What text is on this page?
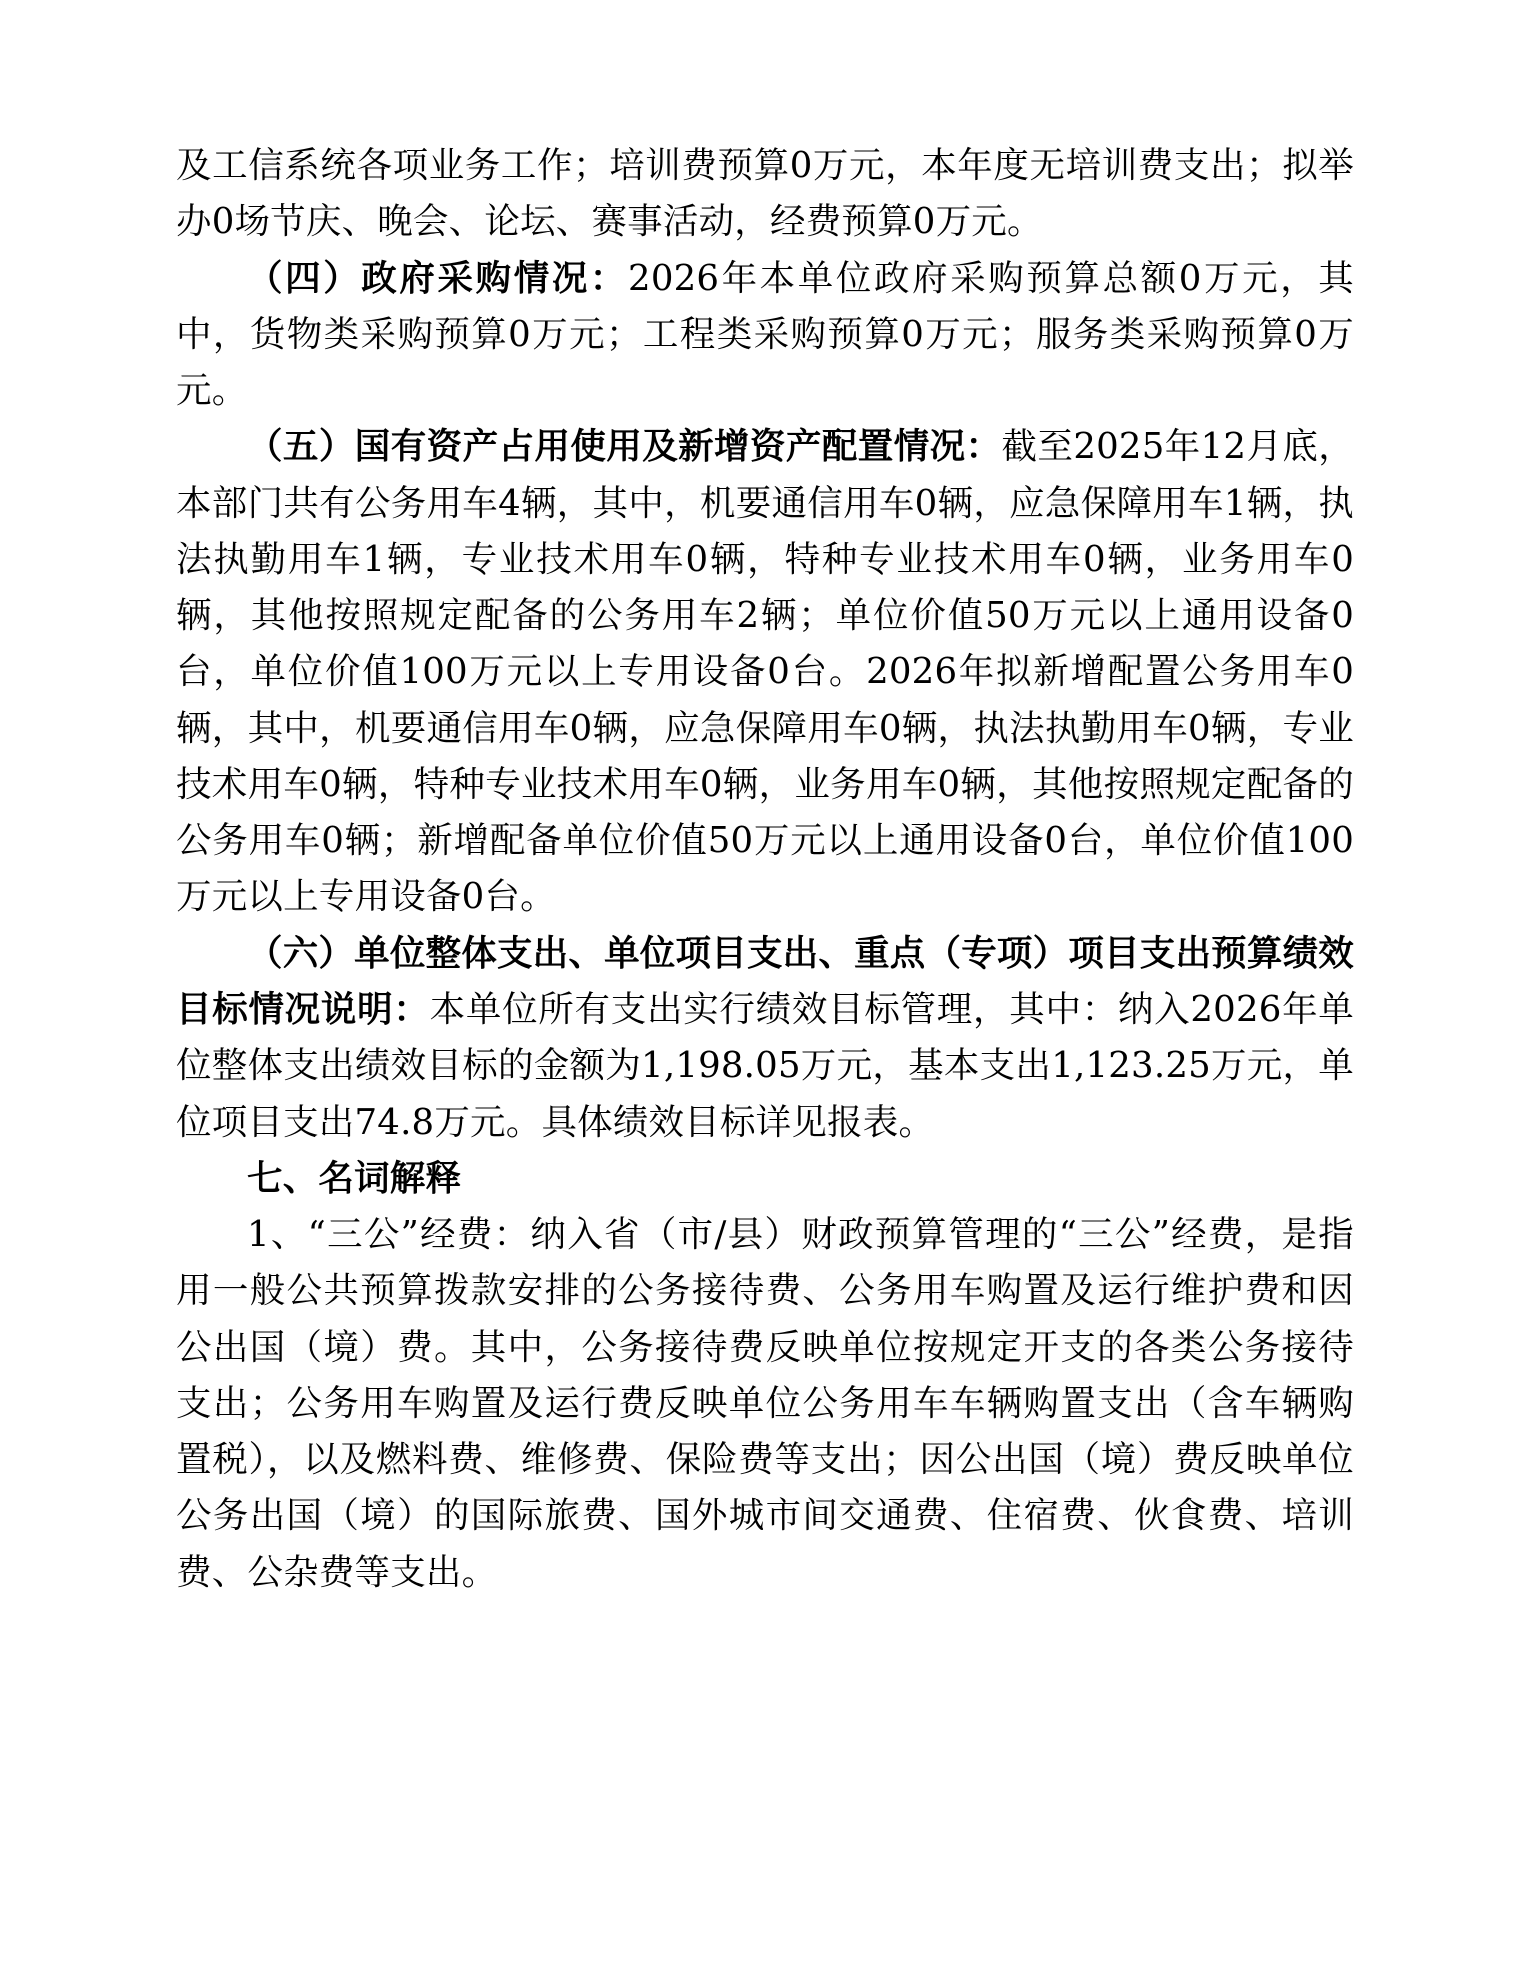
及工信系统各项业务工作；培训费预算0万元，本年度无培训费支出；拟举办0场节庆、晚会、论坛、赛事活动，经费预算0万元。

（四）政府采购情况：2026年本单位政府采购预算总额0万元，其中，货物类采购预算0万元；工程类采购预算0万元；服务类采购预算0万元。

（五）国有资产占用使用及新增资产配置情况：截至2025年12月底，本部门共有公务用车4辆，其中，机要通信用车0辆，应急保障用车1辆，执法执勤用车1辆，专业技术用车0辆，特种专业技术用车0辆，业务用车0辆，其他按照规定配备的公务用车2辆；单位价值50万元以上通用设备0台，单位价值100万元以上专用设备0台。2026年拟新增配置公务用车0辆，其中，机要通信用车0辆，应急保障用车0辆，执法执勤用车0辆，专业技术用车0辆，特种专业技术用车0辆，业务用车0辆，其他按照规定配备的公务用车0辆；新增配备单位价值50万元以上通用设备0台，单位价值100万元以上专用设备0台。

（六）单位整体支出、单位项目支出、重点（专项）项目支出预算绩效目标情况说明：本单位所有支出实行绩效目标管理，其中：纳入2026年单位整体支出绩效目标的金额为1,198.05万元，基本支出1,123.25万元，单位项目支出74.8万元。具体绩效目标详见报表。

七、名词解释

1、“三公”经费：纳入省（市/县）财政预算管理的“三公”经费，是指用一般公共预算拨款安排的公务接待费、公务用车购置及运行维护费和因公出国（境）费。其中，公务接待费反映单位按规定开支的各类公务接待支出；公务用车购置及运行费反映单位公务用车车辆购置支出（含车辆购置税），以及燃料费、维修费、保险费等支出；因公出国（境）费反映单位公务出国（境）的国际旅费、国外城市间交通费、住宿费、伙食费、培训费、公杂费等支出。
